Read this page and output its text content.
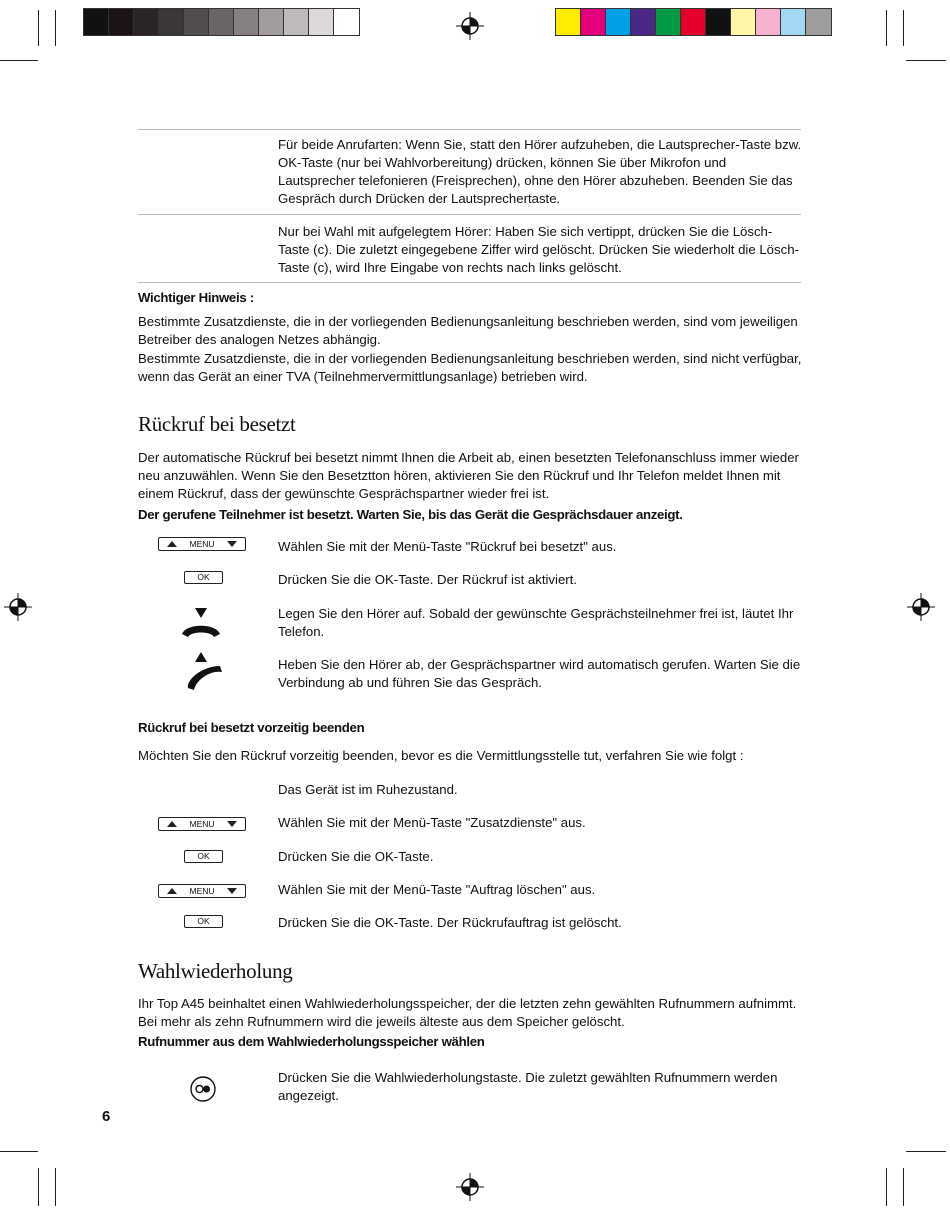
Für beide Anrufarten: Wenn Sie, statt den Hörer aufzuheben, die Lautsprecher-Taste bzw. OK-Taste (nur bei Wahlvorbereitung) drücken, können Sie über Mikrofon und Lautsprecher telefonieren (Freisprechen), ohne den Hörer abzuheben. Beenden Sie das Gespräch durch Drücken der Lautsprechertaste.

Nur bei Wahl mit aufgelegtem Hörer: Haben Sie sich vertippt, drücken Sie die Lösch-Taste (c). Die zuletzt eingegebene Ziffer wird gelöscht. Drücken Sie wiederholt die Lösch-Taste (c), wird Ihre Eingabe von rechts nach links gelöscht.

Wichtiger Hinweis :

Bestimmte Zusatzdienste, die in der vorliegenden Bedienungsanleitung beschrieben werden, sind vom jeweiligen Betreiber des analogen Netzes abhängig.

Bestimmte Zusatzdienste, die in der vorliegenden Bedienungsanleitung beschrieben werden, sind nicht verfügbar, wenn das Gerät an einer TVA (Teilnehmervermittlungsanlage) betrieben wird.

Rückruf bei besetzt

Der automatische Rückruf bei besetzt nimmt Ihnen die Arbeit ab, einen besetzten Telefonanschluss immer wieder neu anzuwählen. Wenn Sie den Besetztton hören, aktivieren Sie den Rückruf und Ihr Telefon meldet Ihnen mit einem Rückruf, dass der gewünschte Gesprächspartner wieder frei ist.

Der gerufene Teilnehmer ist besetzt. Warten Sie, bis das Gerät die Gesprächsdauer anzeigt.

MENU	Wählen Sie mit der Menü-Taste "Rückruf bei besetzt" aus.

OK	Drücken Sie die OK-Taste. Der Rückruf ist aktiviert.

Legen Sie den Hörer auf. Sobald der gewünschte Gesprächsteilnehmer frei ist, läutet Ihr Telefon.

Heben Sie den Hörer ab, der Gesprächspartner wird automatisch gerufen. Warten Sie die Verbindung ab und führen Sie das Gespräch.

Rückruf bei besetzt vorzeitig beenden

Möchten Sie den Rückruf vorzeitig beenden, bevor es die Vermittlungsstelle tut, verfahren Sie wie folgt :

Das Gerät ist im Ruhezustand.

MENU	Wählen Sie mit der Menü-Taste "Zusatzdienste" aus.

OK	Drücken Sie die OK-Taste.

MENU	Wählen Sie mit der Menü-Taste "Auftrag löschen" aus.

OK	Drücken Sie die OK-Taste. Der Rückrufauftrag ist gelöscht.

Wahlwiederholung

Ihr Top A45 beinhaltet einen Wahlwiederholungsspeicher, der die letzten zehn gewählten Rufnummern aufnimmt. Bei mehr als zehn Rufnummern wird die jeweils älteste aus dem Speicher gelöscht.

Rufnummer aus dem Wahlwiederholungsspeicher wählen

Drücken Sie die Wahlwiederholungstaste. Die zuletzt gewählten Rufnummern werden angezeigt.

6
